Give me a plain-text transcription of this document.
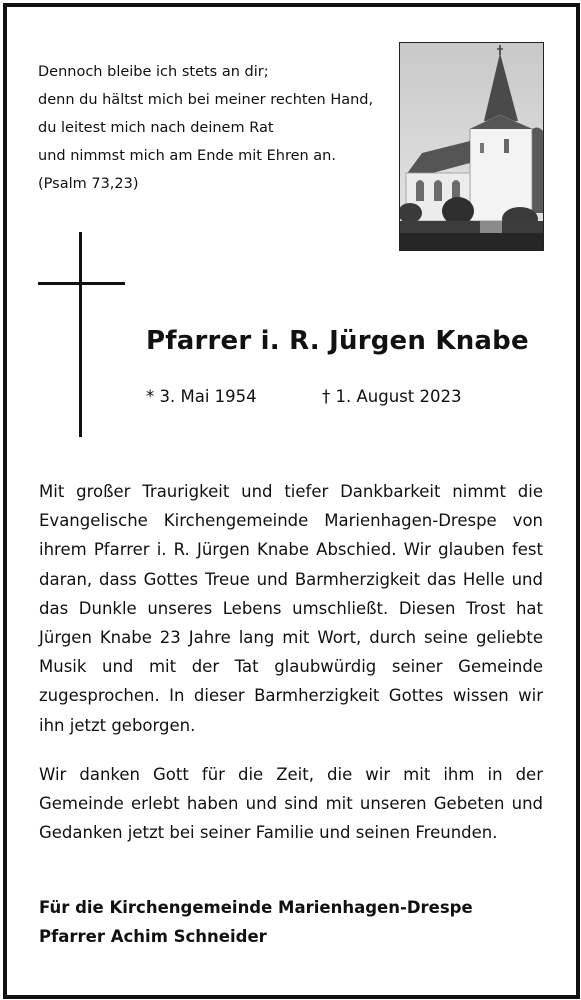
Dennoch bleibe ich stets an dir;
denn du hältst mich bei meiner rechten Hand,
du leitest mich nach deinem Rat
und nimmst mich am Ende mit Ehren an.
(Psalm 73,23)
Pfarrer i. R. Jürgen Knabe
* 3. Mai 1954	† 1. August 2023
Mit großer Traurigkeit und tiefer Dankbarkeit nimmt die Evangelische Kirchengemeinde Marienhagen-Drespe von ihrem Pfarrer i. R. Jürgen Knabe Abschied. Wir glauben fest daran, dass Gottes Treue und Barmherzigkeit das Helle und das Dunkle unseres Lebens umschließt. Diesen Trost hat Jürgen Knabe 23 Jahre lang mit Wort, durch seine geliebte Musik und mit der Tat glaubwürdig seiner Gemeinde zugesprochen. In dieser Barmherzigkeit Gottes wissen wir ihn jetzt geborgen.
Wir danken Gott für die Zeit, die wir mit ihm in der Gemeinde erlebt haben und sind mit unseren Gebeten und Gedanken jetzt bei seiner Familie und seinen Freunden.
Für die Kirchengemeinde Marienhagen-Drespe
Pfarrer Achim Schneider
